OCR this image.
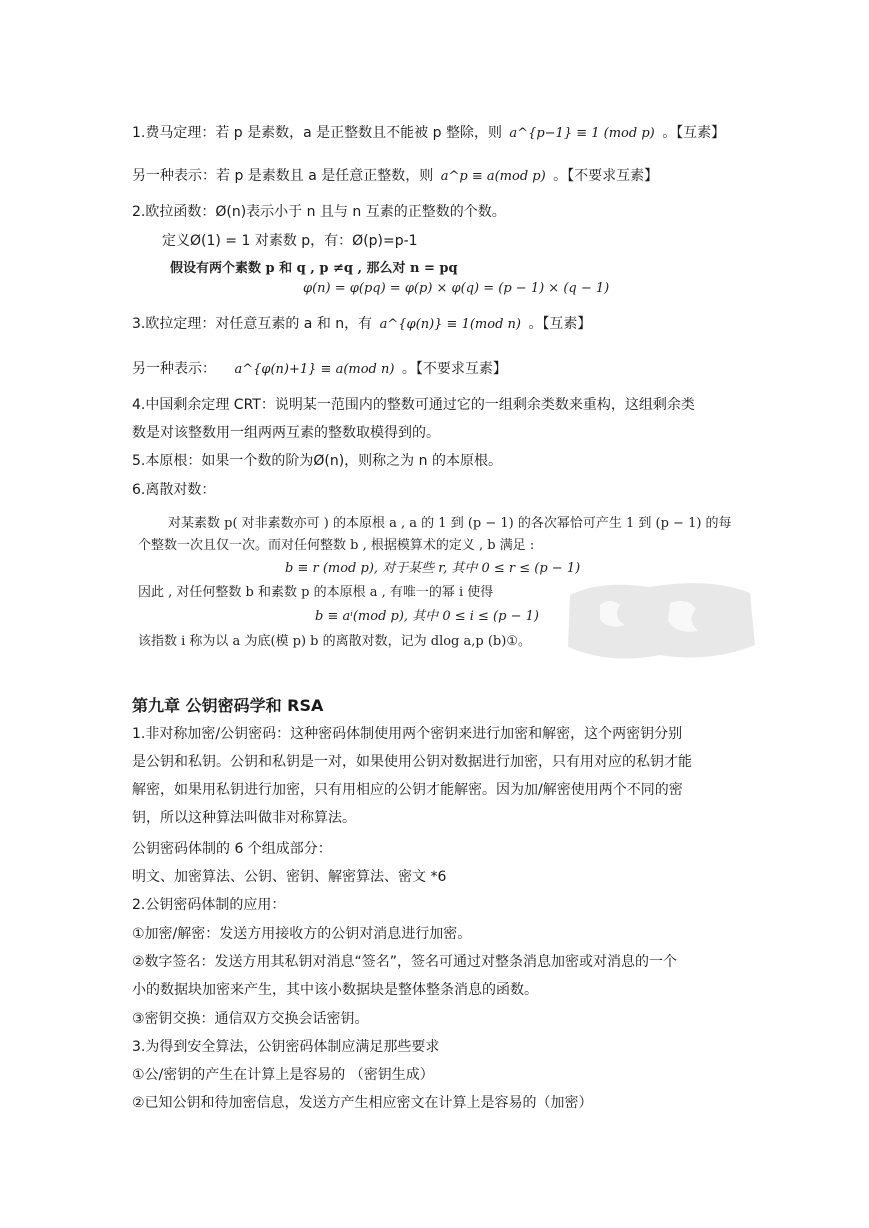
1.费马定理：若 p 是素数，a 是正整数且不能被 p 整除，则 a^{p−1} ≡ 1 (mod p) 。【互素】
另一种表示：若 p 是素数且 a 是任意正整数，则 a^p ≡ a(mod p) 。【不要求互素】
2.欧拉函数：Ø(n)表示小于 n 且与 n 互素的正整数的个数。
定义Ø(1) = 1 对素数 p，有：Ø(p)=p-1
假设有两个素数 p 和 q , p ≠q , 那么对 n = pq
φ(n) = φ(pq) = φ(p) × φ(q) = (p − 1) × (q − 1)
3.欧拉定理：对任意互素的 a 和 n，有 a^{φ(n)} ≡ 1(mod n) 。【互素】
另一种表示： a^{φ(n)+1} ≡ a(mod n) 。【不要求互素】
4.中国剩余定理 CRT：说明某一范围内的整数可通过它的一组剩余类数来重构，这组剩余类
数是对该整数用一组两两互素的整数取模得到的。
5.本原根：如果一个数的阶为Ø(n)，则称之为 n 的本原根。
6.离散对数：
对某素数 p( 对非素数亦可 ) 的本原根 a , a 的 1 到 (p − 1) 的各次幂恰可产生 1 到 (p − 1) 的每
个整数一次且仅一次。而对任何整数 b , 根据模算术的定义 , b 满足 :
b ≡ r (mod p), 对于某些 r, 其中 0 ≤ r ≤ (p − 1)
因此 , 对任何整数 b 和素数 p 的本原根 a , 有唯一的幂 i 使得
b ≡ aⁱ(mod p), 其中 0 ≤ i ≤ (p − 1)
该指数 i 称为以 a 为底(模 p) b 的离散对数，记为 dlog a,p (b)①。
第九章 公钥密码学和 RSA
1.非对称加密/公钥密码：这种密码体制使用两个密钥来进行加密和解密，这个两密钥分别
是公钥和私钥。公钥和私钥是一对，如果使用公钥对数据进行加密，只有用对应的私钥才能
解密，如果用私钥进行加密，只有用相应的公钥才能解密。因为加/解密使用两个不同的密
钥，所以这种算法叫做非对称算法。
公钥密码体制的 6 个组成部分：
明文、加密算法、公钥、密钥、解密算法、密文 *6
2.公钥密码体制的应用：
①加密/解密：发送方用接收方的公钥对消息进行加密。
②数字签名：发送方用其私钥对消息“签名”，签名可通过对整条消息加密或对消息的一个
小的数据块加密来产生，其中该小数据块是整体整条消息的函数。
③密钥交换：通信双方交换会话密钥。
3.为得到安全算法，公钥密码体制应满足那些要求
①公/密钥的产生在计算上是容易的 （密钥生成）
②已知公钥和待加密信息，发送方产生相应密文在计算上是容易的（加密）
